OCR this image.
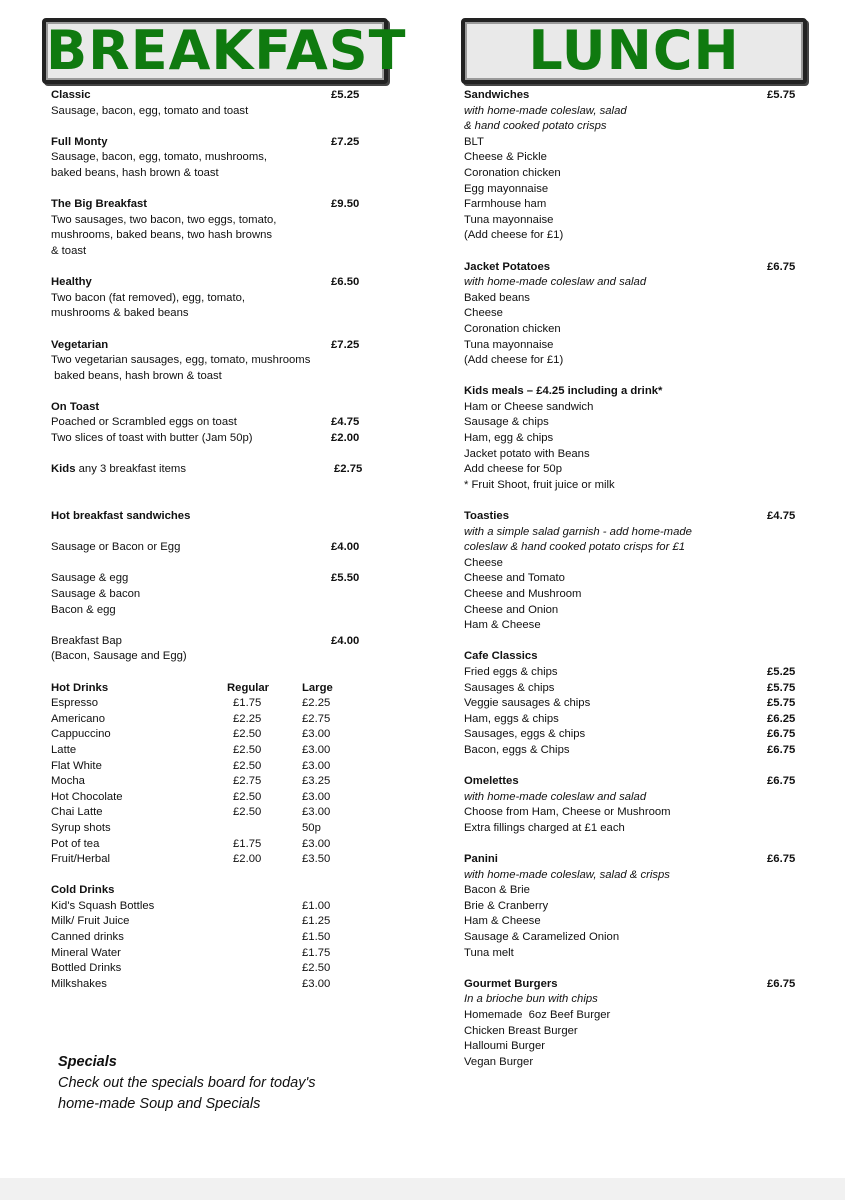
BREAKFAST	LUNCH
Classic	£5.25
Sausage, bacon, egg, tomato and toast
Full Monty	£7.25
Sausage, bacon, egg, tomato, mushrooms,
baked beans, hash brown & toast
The Big Breakfast	£9.50
Two sausages, two bacon, two eggs, tomato,
mushrooms, baked beans, two hash browns
& toast
Healthy	£6.50
Two bacon (fat removed), egg, tomato,
mushrooms & baked beans
Vegetarian	£7.25
Two vegetarian sausages, egg, tomato, mushrooms
baked beans, hash brown & toast
On Toast
Poached or Scrambled eggs on toast	£4.75
Two slices of toast with butter (Jam 50p)	£2.00
Kids any 3 breakfast items	£2.75
Hot breakfast sandwiches
Sausage or Bacon or Egg	£4.00
Sausage & egg	£5.50
Sausage & bacon
Bacon & egg
Breakfast Bap	£4.00
(Bacon, Sausage and Egg)
Hot Drinks	Regular	Large
Espresso	£1.75	£2.25
Americano	£2.25	£2.75
Cappuccino	£2.50	£3.00
Latte	£2.50	£3.00
Flat White	£2.50	£3.00
Mocha	£2.75	£3.25
Hot Chocolate	£2.50	£3.00
Chai Latte	£2.50	£3.00
Syrup shots		50p
Pot of tea	£1.75	£3.00
Fruit/Herbal	£2.00	£3.50
Cold Drinks		
Kid's Squash Bottles		£1.00
Milk/ Fruit Juice		£1.25
Canned drinks		£1.50
Mineral Water		£1.75
Bottled Drinks		£2.50
Milkshakes		£3.00
Specials
Check out the specials board for today's
home-made Soup and Specials
Sandwiches	£5.75
with home-made coleslaw, salad
& hand cooked potato crisps
BLT
Cheese & Pickle
Coronation chicken
Egg mayonnaise
Farmhouse ham
Tuna mayonnaise
(Add cheese for £1)
Jacket Potatoes	£6.75
with home-made coleslaw and salad
Baked beans
Cheese
Coronation chicken
Tuna mayonnaise
(Add cheese for £1)
Kids meals – £4.25 including a drink*
Ham or Cheese sandwich
Sausage & chips
Ham, egg & chips
Jacket potato with Beans
Add cheese for 50p
* Fruit Shoot, fruit juice or milk
Toasties	£4.75
with a simple salad garnish - add home-made
coleslaw & hand cooked potato crisps for £1
Cheese
Cheese and Tomato
Cheese and Mushroom
Cheese and Onion
Ham & Cheese
Cafe Classics
Fried eggs & chips	£5.25
Sausages & chips	£5.75
Veggie sausages & chips	£5.75
Ham, eggs & chips	£6.25
Sausages, eggs & chips	£6.75
Bacon, eggs & Chips	£6.75
Omelettes	£6.75
with home-made coleslaw and salad
Choose from Ham, Cheese or Mushroom
Extra fillings charged at £1 each
Panini	£6.75
with home-made coleslaw, salad & crisps
Bacon & Brie
Brie & Cranberry
Ham & Cheese
Sausage & Caramelized Onion
Tuna melt
Gourmet Burgers	£6.75
In a brioche bun with chips
Homemade  6oz Beef Burger
Chicken Breast Burger
Halloumi Burger
Vegan Burger
